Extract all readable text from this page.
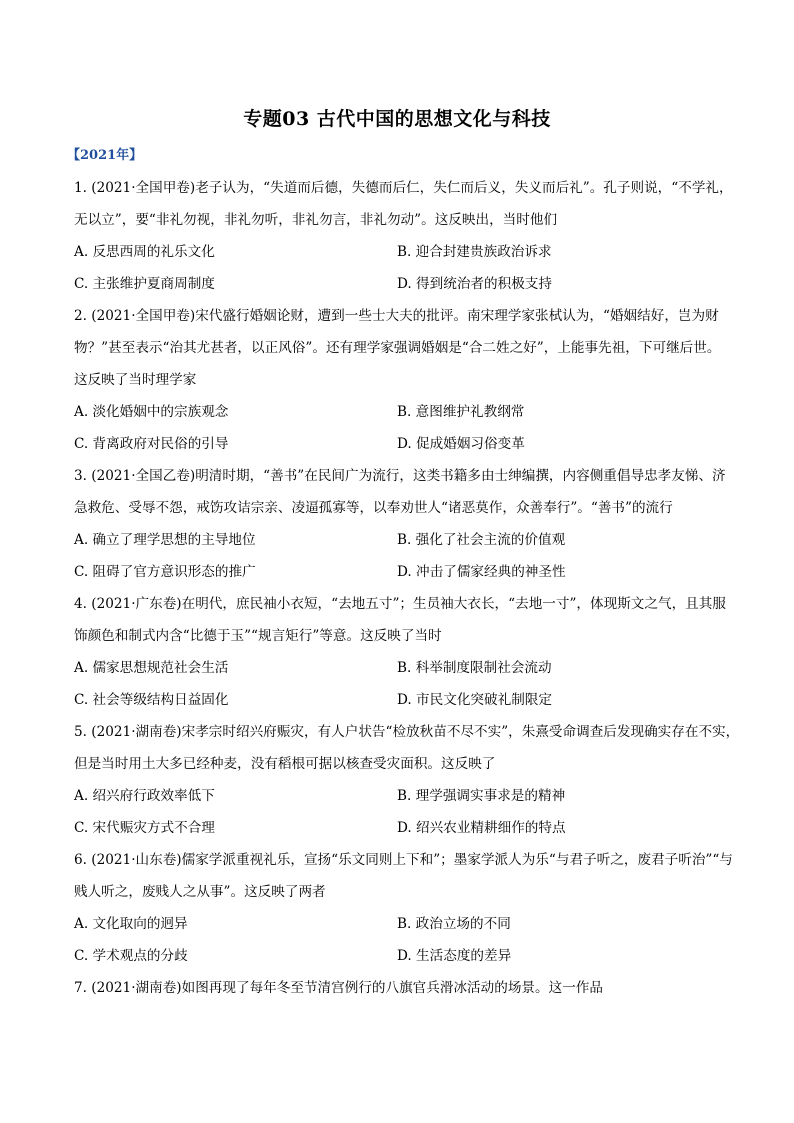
专题03 古代中国的思想文化与科技
【2021年】
1. (2021·全国甲卷)老子认为，“失道而后德，失德而后仁，失仁而后义，失义而后礼”。孔子则说，“不学礼，
无以立”，要“非礼勿视，非礼勿听，非礼勿言，非礼勿动”。这反映出，当时他们
A. 反思西周的礼乐文化	B. 迎合封建贵族政治诉求
C. 主张维护夏商周制度	D. 得到统治者的积极支持
2. (2021·全国甲卷)宋代盛行婚姻论财，遭到一些士大夫的批评。南宋理学家张栻认为，“婚姻结好，岂为财
物？”甚至表示“治其尤甚者，以正风俗”。还有理学家强调婚姻是“合二姓之好”，上能事先祖，下可继后世。
这反映了当时理学家
A. 淡化婚姻中的宗族观念	B. 意图维护礼教纲常
C. 背离政府对民俗的引导	D. 促成婚姻习俗变革
3. (2021·全国乙卷)明清时期，“善书”在民间广为流行，这类书籍多由士绅编撰，内容侧重倡导忠孝友悌、济
急救危、受辱不怨，戒饬攻诘宗亲、凌逼孤寡等，以奉劝世人“诸恶莫作，众善奉行”。“善书”的流行
A. 确立了理学思想的主导地位	B. 强化了社会主流的价值观
C. 阻碍了官方意识形态的推广	D. 冲击了儒家经典的神圣性
4. (2021·广东卷)在明代，庶民袖小衣短，“去地五寸”；生员袖大衣长，“去地一寸”，体现斯文之气，且其服
饰颜色和制式内含“比德于玉”“规言矩行”等意。这反映了当时
A. 儒家思想规范社会生活	B. 科举制度限制社会流动
C. 社会等级结构日益固化	D. 市民文化突破礼制限定
5. (2021·湖南卷)宋孝宗时绍兴府赈灾，有人户状告“检放秋苗不尽不实”，朱熹受命调查后发现确实存在不实，
但是当时用土大多已经种麦，没有稻根可据以核查受灾面积。这反映了
A. 绍兴府行政效率低下	B. 理学强调实事求是的精神
C. 宋代赈灾方式不合理	D. 绍兴农业精耕细作的特点
6. (2021·山东卷)儒家学派重视礼乐，宣扬“乐文同则上下和”；墨家学派人为乐“与君子听之，废君子听治”“与
贱人听之，废贱人之从事”。这反映了两者
A. 文化取向的迥异	B. 政治立场的不同
C. 学术观点的分歧	D. 生活态度的差异
7. (2021·湖南卷)如图再现了每年冬至节清宫例行的八旗官兵滑冰活动的场景。这一作品
